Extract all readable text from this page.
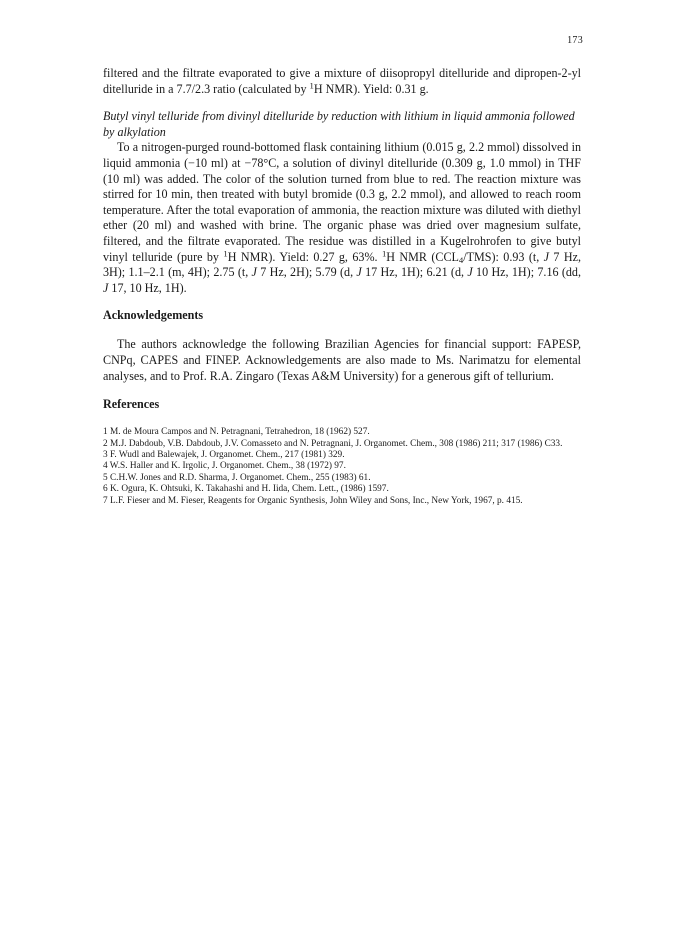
173

filtered and the filtrate evaporated to give a mixture of diisopropyl ditelluride and dipropen-2-yl ditelluride in a 7.7/2.3 ratio (calculated by $^1$H NMR). Yield: 0.31 g.

Butyl vinyl telluride from divinyl ditelluride by reduction with lithium in liquid ammonia followed by alkylation

To a nitrogen-purged round-bottomed flask containing lithium (0.015 g, 2.2 mmol) dissolved in liquid ammonia (−10 ml) at −78°C, a solution of divinyl ditelluride (0.309 g, 1.0 mmol) in THF (10 ml) was added. The color of the solution turned from blue to red. The reaction mixture was stirred for 10 min, then treated with butyl bromide (0.3 g, 2.2 mmol), and allowed to reach room temperature. After the total evaporation of ammonia, the reaction mixture was diluted with diethyl ether (20 ml) and washed with brine. The organic phase was dried over magnesium sulfate, filtered, and the filtrate evaporated. The residue was distilled in a Kugelrohrofen to give butyl vinyl telluride (pure by $^1$H NMR). Yield: 0.27 g, 63%. $^1$H NMR $(CCL_4/TMS)$: 0.93 (t, J 7 Hz, 3H); 1.1–2.1 (m, 4H); 2.75 (t, J 7 Hz, 2H); 5.79 (d, J 17 Hz, 1H); 6.21 (d, J 10 Hz, 1H); 7.16 (dd, J 17, 10 Hz, 1H).

Acknowledgements

The authors acknowledge the following Brazilian Agencies for financial support: FAPESP, CNPq, CAPES and FINEP. Acknowledgements are also made to Ms. Narimatzu for elemental analyses, and to Prof. R.A. Zingaro (Texas A&M University) for a generous gift of tellurium.

References

1 M. de Moura Campos and N. Petragnani, Tetrahedron, 18 (1962) 527.

2 M.J. Dabdoub, V.B. Dabdoub, J.V. Comasseto and N. Petragnani, J. Organomet. Chem., 308 (1986) 211; 317 (1986) C33.

3 F. Wudl and Balewajek, J. Organomet. Chem., 217 (1981) 329.

4 W.S. Haller and K. Irgolic, J. Organomet. Chem., 38 (1972) 97.

5 C.H.W. Jones and R.D. Sharma, J. Organomet. Chem., 255 (1983) 61.

6 K. Ogura, K. Ohtsuki, K. Takahashi and H. Iida, Chem. Lett., (1986) 1597.

7 L.F. Fieser and M. Fieser, Reagents for Organic Synthesis, John Wiley and Sons, Inc., New York, 1967, p. 415.
